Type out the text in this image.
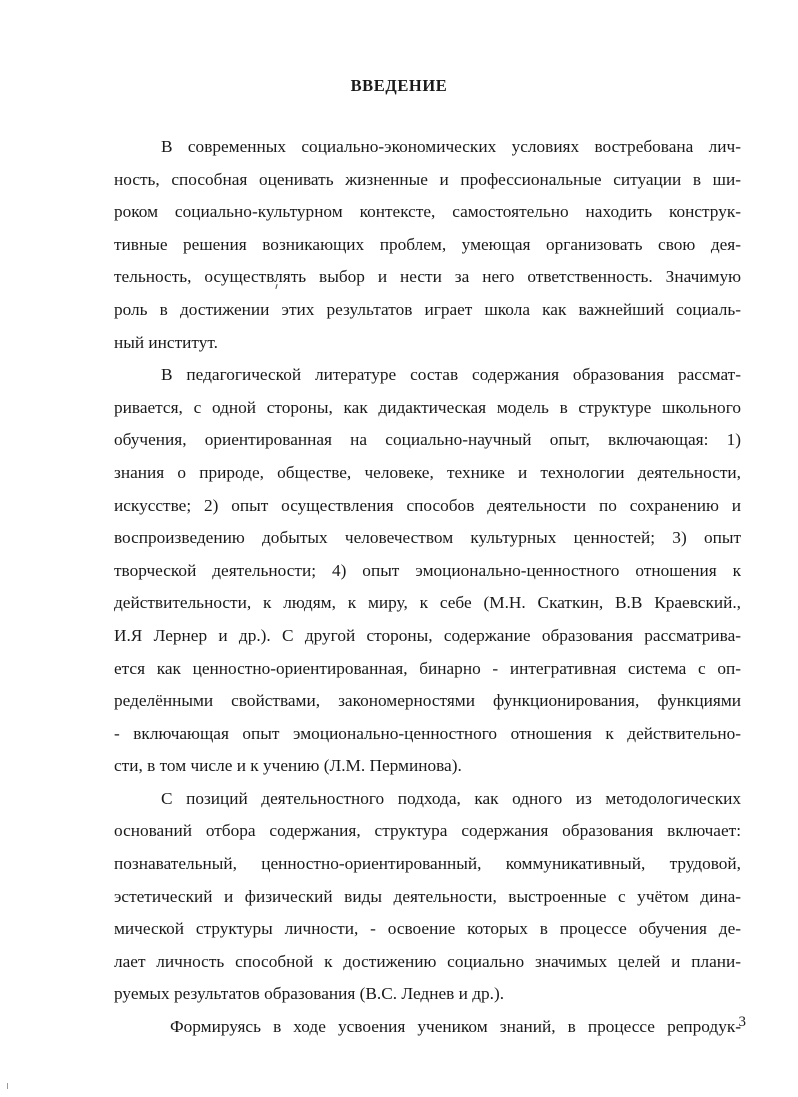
ВВЕДЕНИЕ
В современных социально-экономических условиях востребована лич-
ность, способная оценивать жизненные и профессиональные ситуации в ши-
роком социально-культурном контексте, самостоятельно находить конструк-
тивные решения возникающих проблем, умеющая организовать свою дея-
тельность, осуществлять выбор и нести за него ответственность. Значимую
роль в достижении этих результатов играет школа как важнейший социаль-
ный институт.
В педагогической литературе состав содержания образования рассмат-
ривается, с одной стороны, как дидактическая модель в структуре школьного
обучения, ориентированная на социально-научный опыт, включающая: 1)
знания о природе, обществе, человеке, технике и технологии деятельности,
искусстве; 2) опыт осуществления способов деятельности по сохранению и
воспроизведению добытых человечеством культурных ценностей; 3) опыт
творческой деятельности; 4) опыт эмоционально-ценностного отношения к
действительности, к людям, к миру, к себе (М.Н. Скаткин, В.В Краевский.,
И.Я Лернер и др.). С другой стороны, содержание образования рассматрива-
ется как ценностно-ориентированная, бинарно - интегративная система с оп-
ределёнными свойствами, закономерностями функционирования, функциями
- включающая опыт эмоционально-ценностного отношения к действительно-
сти, в том числе и к учению (Л.М. Перминова).
С позиций деятельностного подхода, как одного из методологических
оснований отбора содержания, структура содержания образования включает:
познавательный, ценностно-ориентированный, коммуникативный, трудовой,
эстетический и физический виды деятельности, выстроенные с учётом дина-
мической структуры личности, - освоение которых в процессе обучения де-
лает личность способной к достижению социально значимых целей и плани-
руемых результатов образования (В.С. Леднев и др.).
Формируясь в ходе усвоения учеником знаний, в процессе репродук-
3
